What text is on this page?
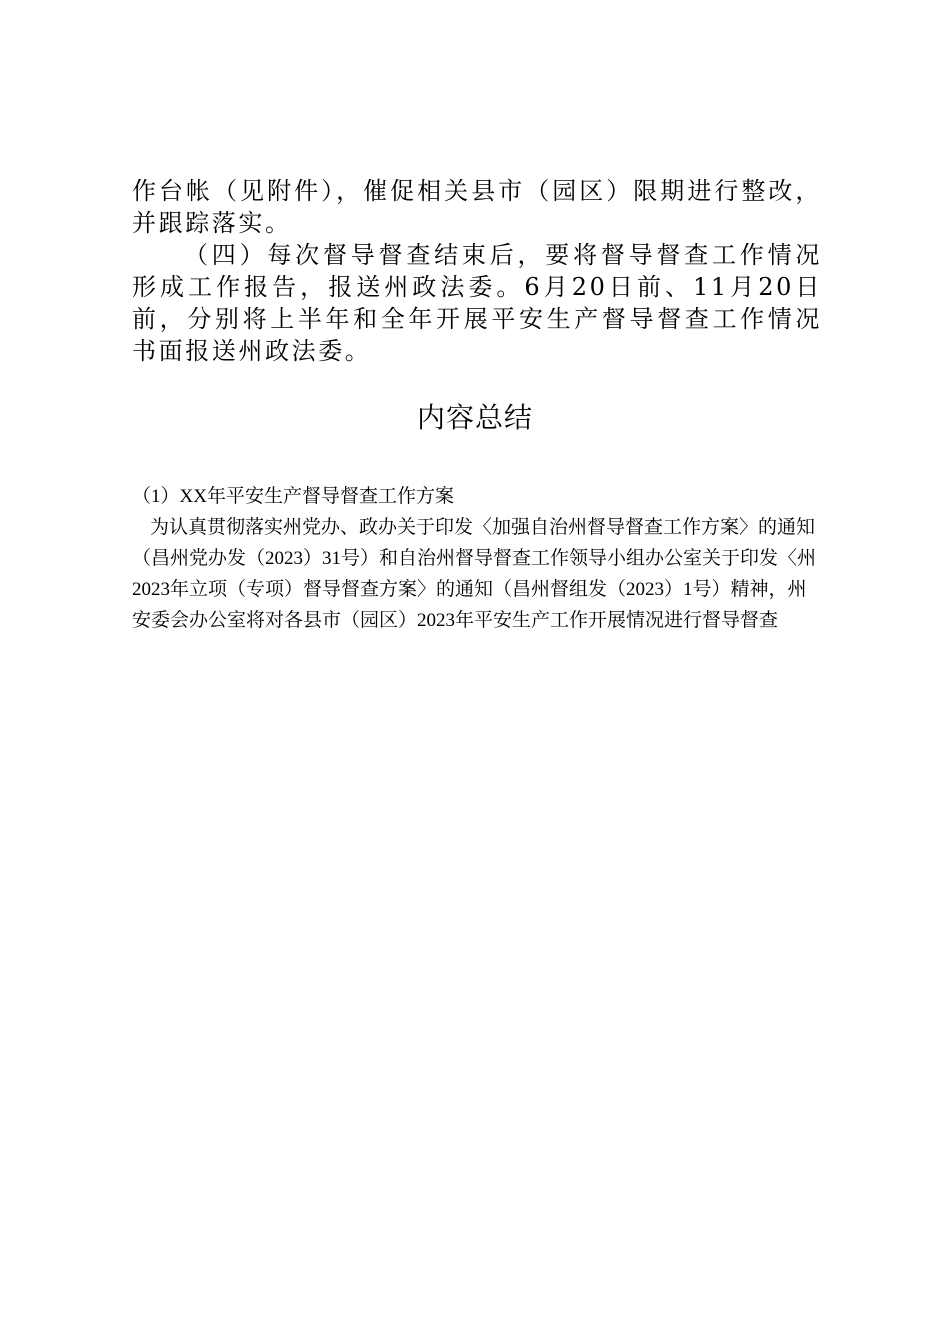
作台帐（见附件），催促相关县市（园区）限期进行整改，并跟踪落实。

（四）每次督导督查结束后，要将督导督查工作情况形成工作报告，报送州政法委。6月20日前、11月20日前，分别将上半年和全年开展平安生产督导督查工作情况书面报送州政法委。

内容总结

（1）XX年平安生产督导督查工作方案

为认真贯彻落实州党办、政办关于印发〈加强自治州督导督查工作方案〉的通知（昌州党办发（2023）31号）和自治州督导督查工作领导小组办公室关于印发〈州2023年立项（专项）督导督查方案〉的通知（昌州督组发（2023）1号）精神，州安委会办公室将对各县市（园区）2023年平安生产工作开展情况进行督导督查
